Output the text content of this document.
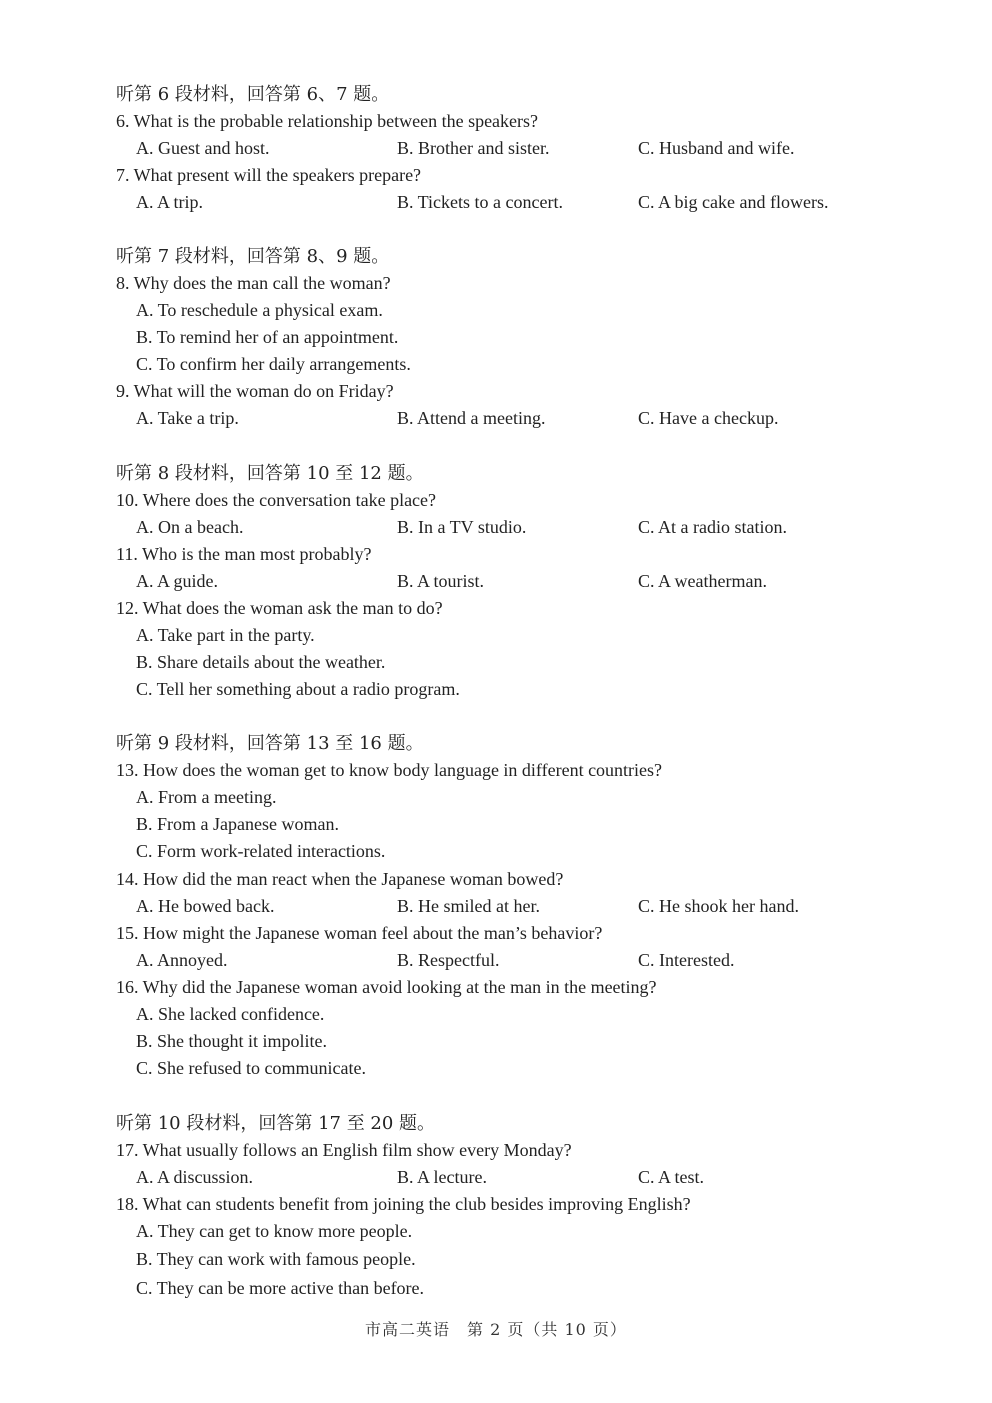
听第 6 段材料，回答第 6、7 题。
6. What is the probable relationship between the speakers?
A. Guest and host.	B. Brother and sister.	C. Husband and wife.
7. What present will the speakers prepare?
A. A trip.	B. Tickets to a concert.	C. A big cake and flowers.
听第 7 段材料，回答第 8、9 题。
8. Why does the man call the woman?
A. To reschedule a physical exam.
B. To remind her of an appointment.
C. To confirm her daily arrangements.
9. What will the woman do on Friday?
A. Take a trip.	B. Attend a meeting.	C. Have a checkup.
听第 8 段材料，回答第 10 至 12 题。
10. Where does the conversation take place?
A. On a beach.	B. In a TV studio.	C. At a radio station.
11. Who is the man most probably?
A. A guide.	B. A tourist.	C. A weatherman.
12. What does the woman ask the man to do?
A. Take part in the party.
B. Share details about the weather.
C. Tell her something about a radio program.
听第 9 段材料，回答第 13 至 16 题。
13. How does the woman get to know body language in different countries?
A. From a meeting.
B. From a Japanese woman.
C. Form work-related interactions.
14. How did the man react when the Japanese woman bowed?
A. He bowed back.	B. He smiled at her.	C. He shook her hand.
15. How might the Japanese woman feel about the man’s behavior?
A. Annoyed.	B. Respectful.	C. Interested.
16. Why did the Japanese woman avoid looking at the man in the meeting?
A. She lacked confidence.
B. She thought it impolite.
C. She refused to communicate.
听第 10 段材料，回答第 17 至 20 题。
17. What usually follows an English film show every Monday?
A. A discussion.	B. A lecture.	C. A test.
18. What can students benefit from joining the club besides improving English?
A. They can get to know more people.
B. They can work with famous people.
C. They can be more active than before.
市高二英语　第 2 页（共 10 页）
